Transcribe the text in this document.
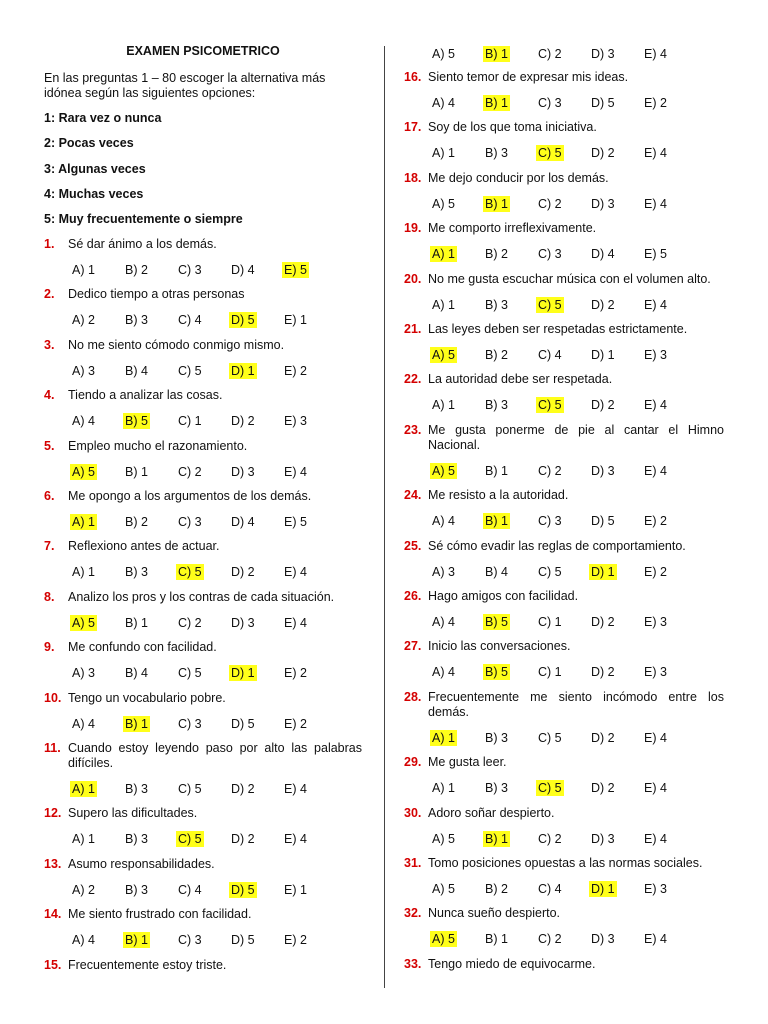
EXAMEN PSICOMETRICO
En las preguntas 1 – 80 escoger la alternativa más idónea según las siguientes opciones:
1: Rara vez o nunca
2: Pocas veces
3: Algunas veces
4: Muchas veces
5: Muy frecuentemente o siempre
1.	Sé dar ánimo a los demás.
A) 1 B) 2 C) 3 D) 4 E) 5
2.	Dedico tiempo a otras personas
A) 2 B) 3 C) 4 D) 5 E) 1
3.	No me siento cómodo conmigo mismo.
A) 3 B) 4 C) 5 D) 1 E) 2
4.	Tiendo a analizar las cosas.
A) 4 B) 5 C) 1 D) 2 E) 3
5.	Empleo mucho el razonamiento.
A) 5 B) 1 C) 2 D) 3 E) 4
6.	Me opongo a los argumentos de los demás.
A) 1 B) 2 C) 3 D) 4 E) 5
7.	Reflexiono antes de actuar.
A) 1 B) 3 C) 5 D) 2 E) 4
8.	Analizo los pros y los contras de cada situación.
A) 5 B) 1 C) 2 D) 3 E) 4
9.	Me confundo con facilidad.
A) 3 B) 4 C) 5 D) 1 E) 2
10. Tengo un vocabulario pobre.
A) 4 B) 1 C) 3 D) 5 E) 2
11. Cuando estoy leyendo paso por alto las palabras difíciles.
A) 1 B) 3 C) 5 D) 2 E) 4
12. Supero las dificultades.
A) 1 B) 3 C) 5 D) 2 E) 4
13. Asumo responsabilidades.
A) 2 B) 3 C) 4 D) 5 E) 1
14. Me siento frustrado con facilidad.
A) 4 B) 1 C) 3 D) 5 E) 2
15. Frecuentemente estoy triste.
A) 5 B) 1 C) 2 D) 3 E) 4
16. Siento temor de expresar mis ideas.
A) 4 B) 1 C) 3 D) 5 E) 2
17. Soy de los que toma iniciativa.
A) 1 B) 3 C) 5 D) 2 E) 4
18. Me dejo conducir por los demás.
A) 5 B) 1 C) 2 D) 3 E) 4
19. Me comporto irreflexivamente.
A) 1 B) 2 C) 3 D) 4 E) 5
20. No me gusta escuchar música con el volumen alto.
A) 1 B) 3 C) 5 D) 2 E) 4
21. Las leyes deben ser respetadas estrictamente.
A) 5 B) 2 C) 4 D) 1 E) 3
22. La autoridad debe ser respetada.
A) 1 B) 3 C) 5 D) 2 E) 4
23. Me gusta ponerme de pie al cantar el Himno Nacional.
A) 5 B) 1 C) 2 D) 3 E) 4
24. Me resisto a la autoridad.
A) 4 B) 1 C) 3 D) 5 E) 2
25. Sé cómo evadir las reglas de comportamiento.
A) 3 B) 4 C) 5 D) 1 E) 2
26. Hago amigos con facilidad.
A) 4 B) 5 C) 1 D) 2 E) 3
27. Inicio las conversaciones.
A) 4 B) 5 C) 1 D) 2 E) 3
28. Frecuentemente me siento incómodo entre los demás.
A) 1 B) 3 C) 5 D) 2 E) 4
29. Me gusta leer.
A) 1 B) 3 C) 5 D) 2 E) 4
30. Adoro soñar despierto.
A) 5 B) 1 C) 2 D) 3 E) 4
31. Tomo posiciones opuestas a las normas sociales.
A) 5 B) 2 C) 4 D) 1 E) 3
32. Nunca sueño despierto.
A) 5 B) 1 C) 2 D) 3 E) 4
33. Tengo miedo de equivocarme.
